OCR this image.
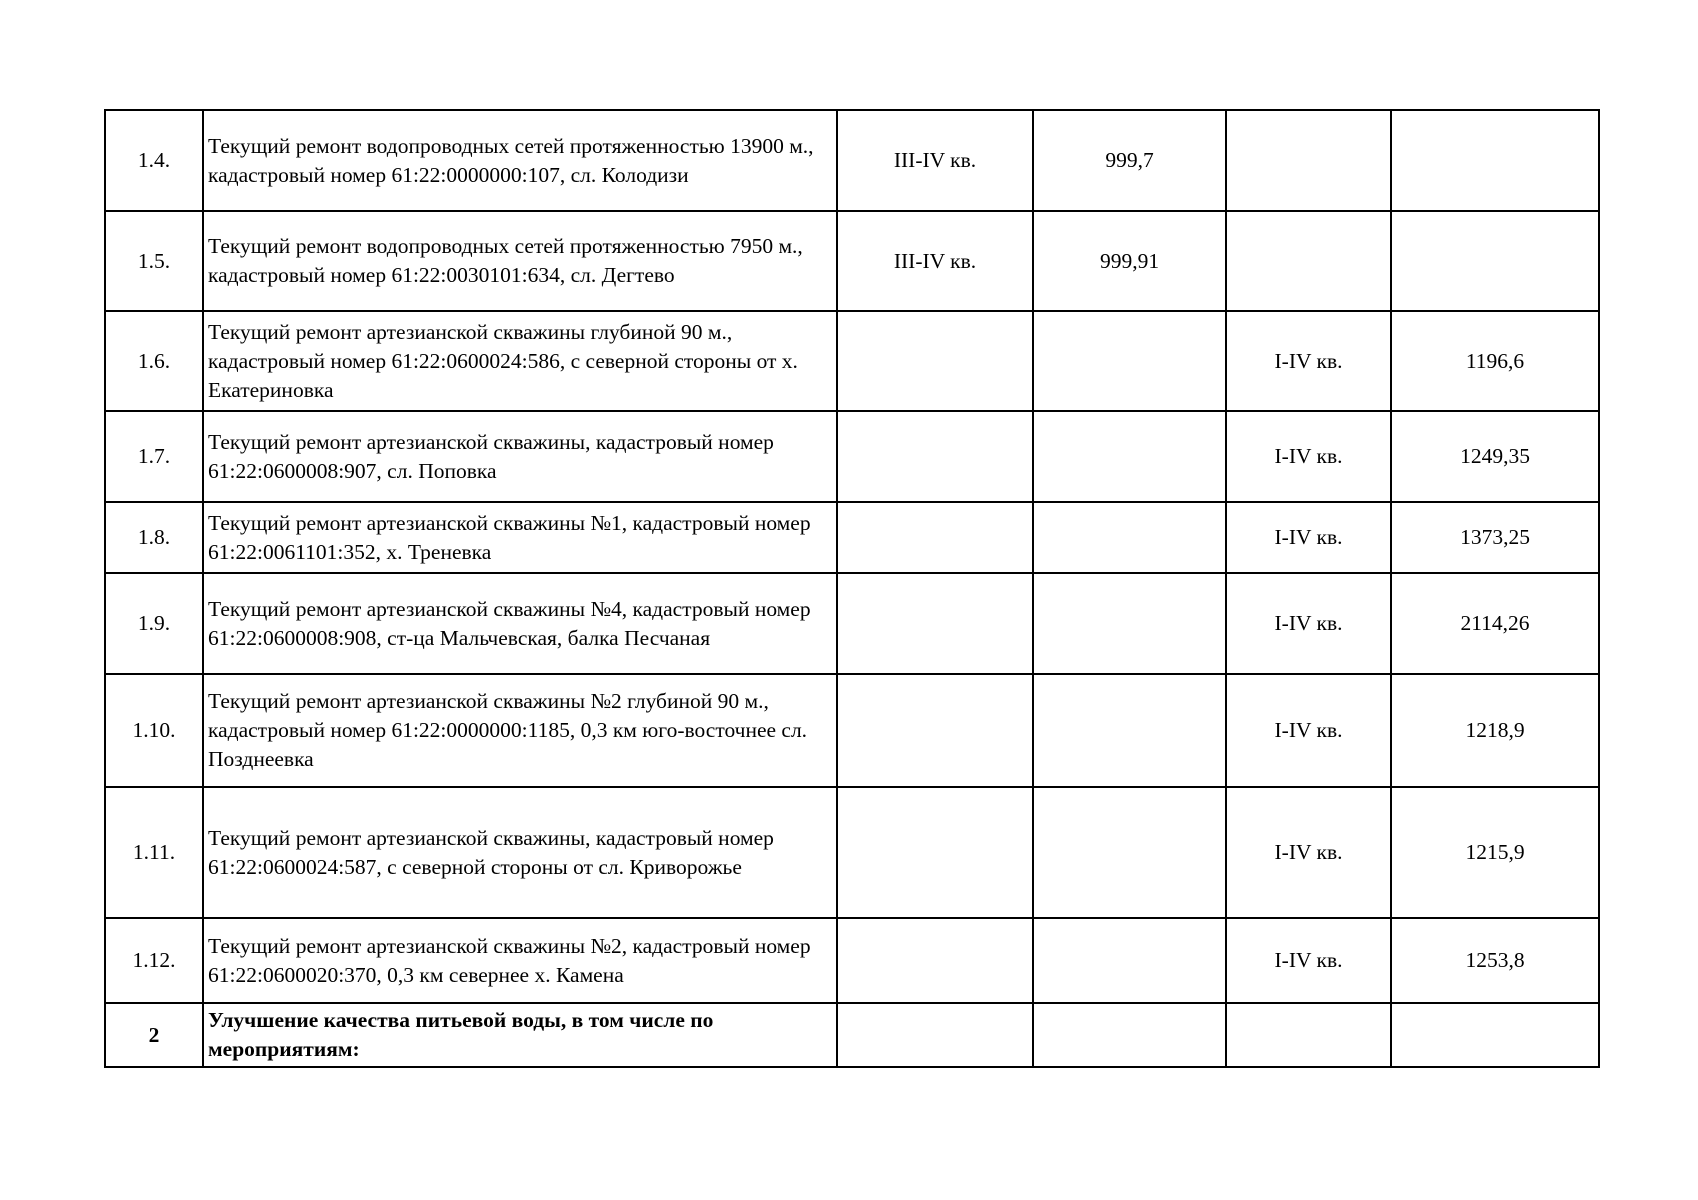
1.4.	Текущий ремонт водопроводных сетей протяженностью 13900 м., кадастровый номер 61:22:0000000:107, сл. Колодизи	III-IV кв.	999,7		
1.5.	Текущий ремонт водопроводных сетей протяженностью 7950 м., кадастровый номер 61:22:0030101:634, сл. Дегтево	III-IV кв.	999,91		
1.6.	Текущий ремонт артезианской скважины глубиной 90 м., кадастровый номер 61:22:0600024:586, с северной стороны от х. Екатериновка			I-IV кв.	1196,6
1.7.	Текущий ремонт артезианской скважины, кадастровый номер 61:22:0600008:907, сл. Поповка			I-IV кв.	1249,35
1.8.	Текущий ремонт артезианской скважины №1, кадастровый номер 61:22:0061101:352, х. Треневка			I-IV кв.	1373,25
1.9.	Текущий ремонт артезианской скважины №4, кадастровый номер 61:22:0600008:908, ст-ца Мальчевская, балка Песчаная			I-IV кв.	2114,26
1.10.	Текущий ремонт артезианской скважины №2 глубиной 90 м., кадастровый номер 61:22:0000000:1185, 0,3 км юго-восточнее сл. Позднеевка			I-IV кв.	1218,9
1.11.	Текущий ремонт артезианской скважины, кадастровый номер 61:22:0600024:587, с северной стороны от сл. Криворожье			I-IV кв.	1215,9
1.12.	Текущий ремонт артезианской скважины №2, кадастровый номер 61:22:0600020:370, 0,3 км севернее х. Камена			I-IV кв.	1253,8
2	Улучшение качества питьевой воды, в том числе по мероприятиям:				
